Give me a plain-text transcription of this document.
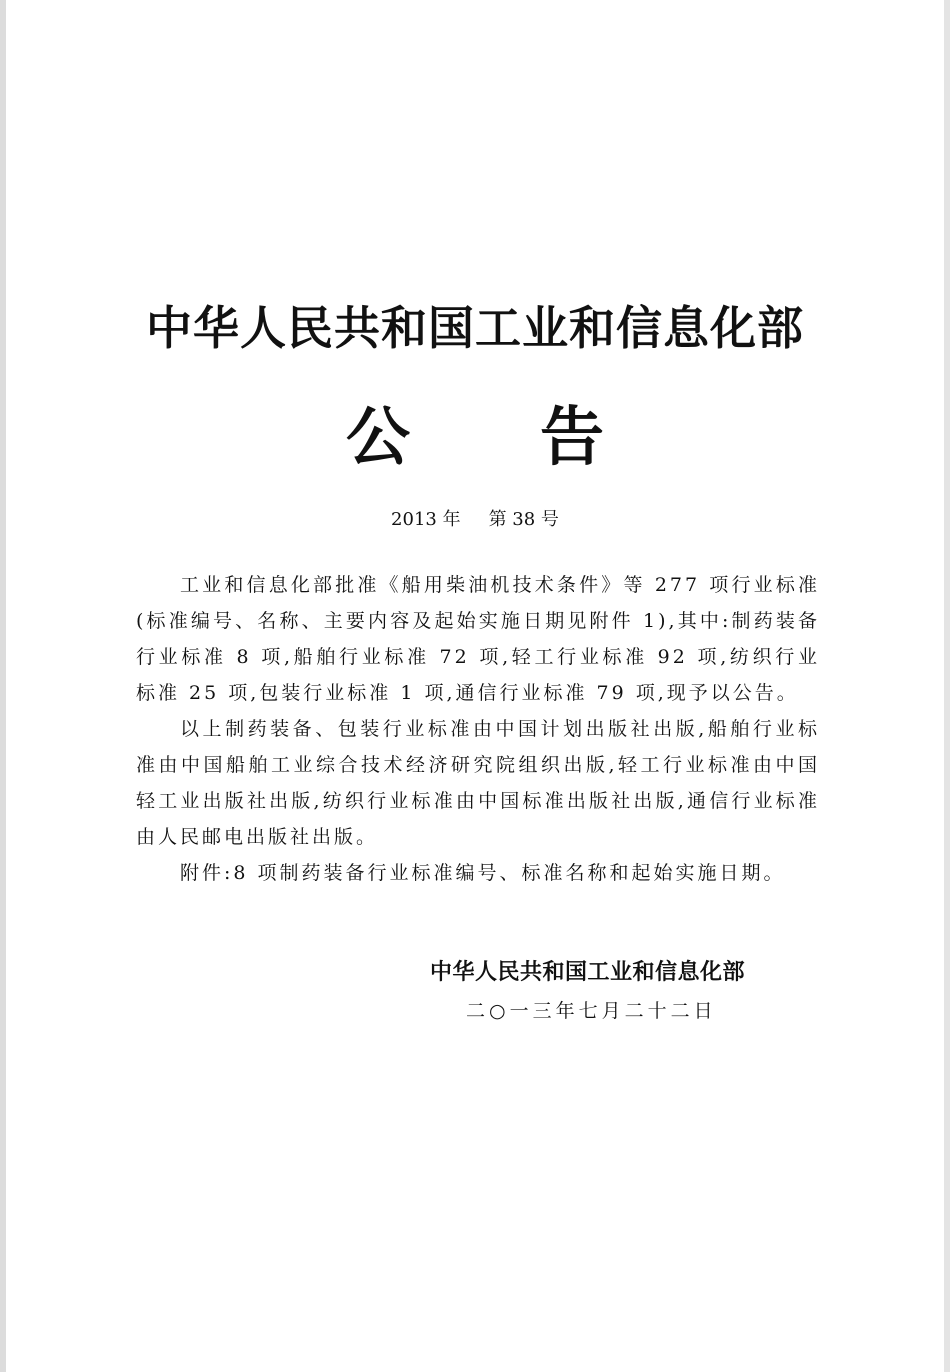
中华人民共和国工业和信息化部
公 告
2013 年 第 38 号

工业和信息化部批准《船用柴油机技术条件》等 277 项行业标准(标准编号、名称、主要内容及起始实施日期见附件 1),其中:制药装备行业标准 8 项,船舶行业标准 72 项,轻工行业标准 92 项,纺织行业标准 25 项,包装行业标准 1 项,通信行业标准 79 项,现予以公告。

以上制药装备、包装行业标准由中国计划出版社出版,船舶行业标准由中国船舶工业综合技术经济研究院组织出版,轻工行业标准由中国轻工业出版社出版,纺织行业标准由中国标准出版社出版,通信行业标准由人民邮电出版社出版。

附件:8 项制药装备行业标准编号、标准名称和起始实施日期。

中华人民共和国工业和信息化部
二○一三年七月二十二日
